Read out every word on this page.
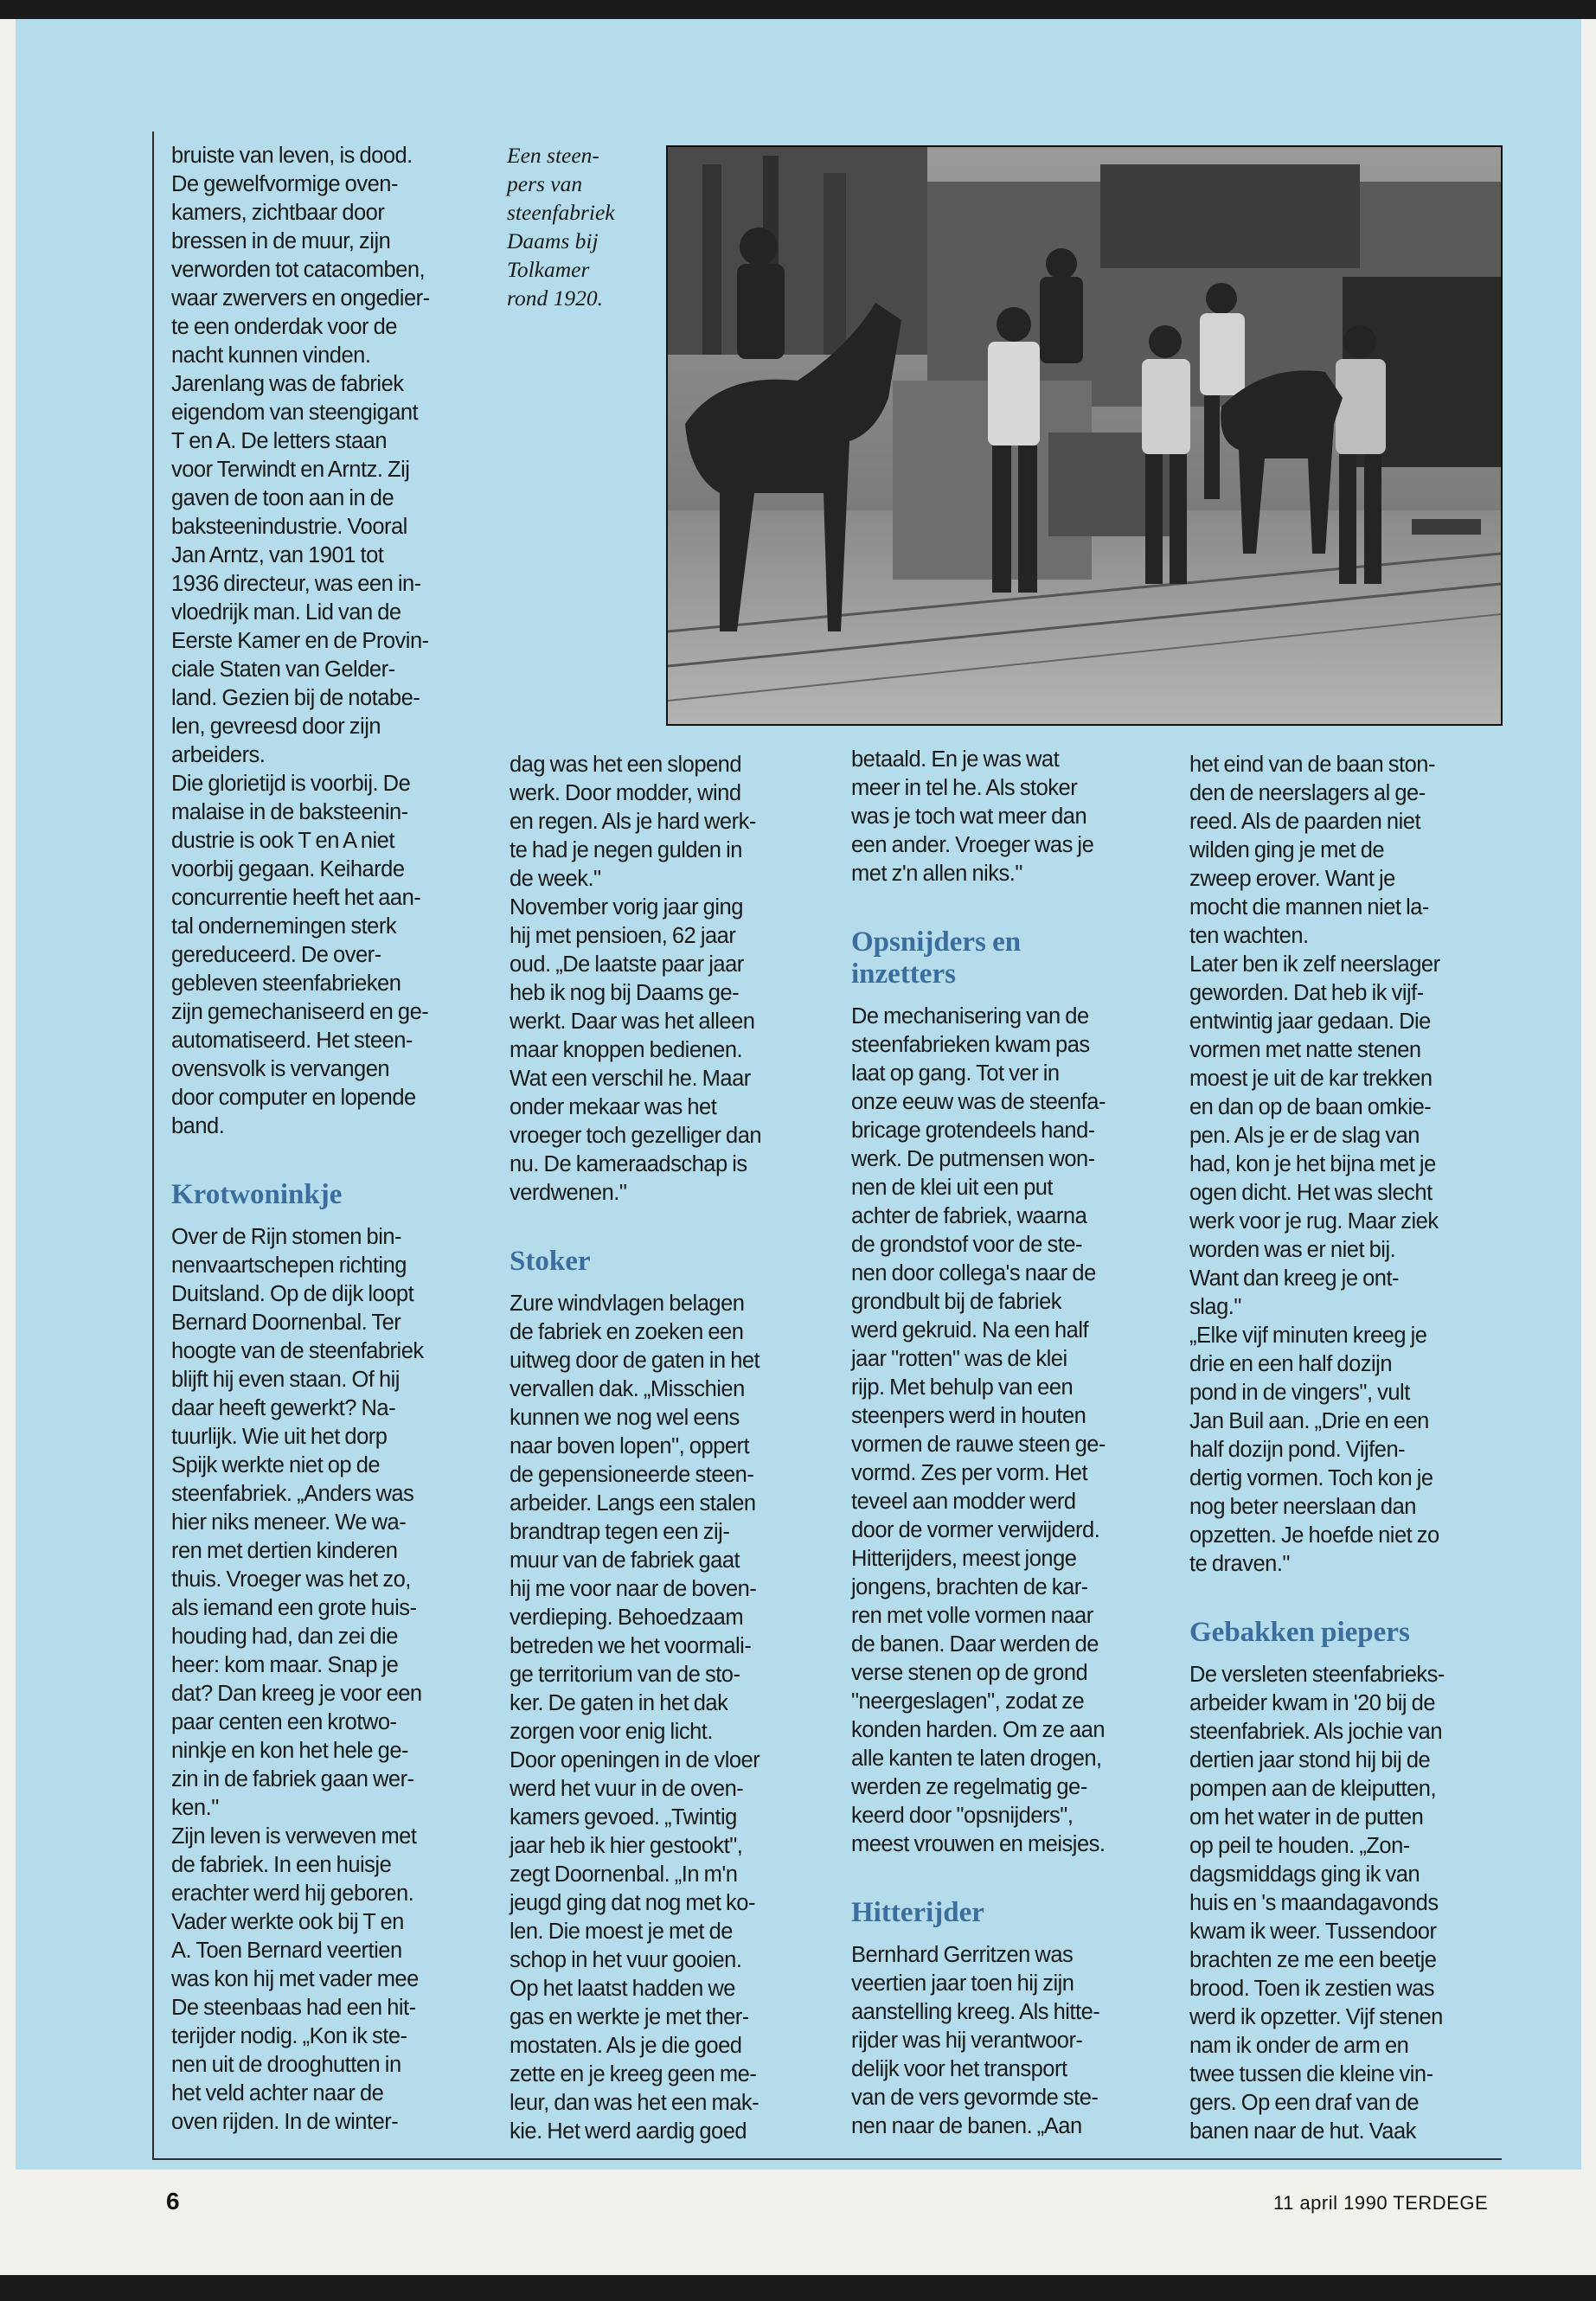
bruiste van leven, is dood.
De gewelfvormige oven-
kamers, zichtbaar door
bressen in de muur, zijn
verworden tot catacomben,
waar zwervers en ongedier-
te een onderdak voor de
nacht kunnen vinden.
Jarenlang was de fabriek
eigendom van steengigant
T en A. De letters staan
voor Terwindt en Arntz. Zij
gaven de toon aan in de
baksteenindustrie. Vooral
Jan Arntz, van 1901 tot
1936 directeur, was een in-
vloedrijk man. Lid van de
Eerste Kamer en de Provin-
ciale Staten van Gelder-
land. Gezien bij de notabe-
len, gevreesd door zijn
arbeiders.
Die glorietijd is voorbij. De
malaise in de baksteenin-
dustrie is ook T en A niet
voorbij gegaan. Keiharde
concurrentie heeft het aan-
tal ondernemingen sterk
gereduceerd. De over-
gebleven steenfabrieken
zijn gemechaniseerd en ge-
automatiseerd. Het steen-
ovensvolk is vervangen
door computer en lopende
band.
Krotwoninkje
Over de Rijn stomen bin-
nenvaartschepen richting
Duitsland. Op de dijk loopt
Bernard Doornenbal. Ter
hoogte van de steenfabriek
blijft hij even staan. Of hij
daar heeft gewerkt? Na-
tuurlijk. Wie uit het dorp
Spijk werkte niet op de
steenfabriek. „Anders was
hier niks meneer. We wa-
ren met dertien kinderen
thuis. Vroeger was het zo,
als iemand een grote huis-
houding had, dan zei die
heer: kom maar. Snap je
dat? Dan kreeg je voor een
paar centen een krotwo-
ninkje en kon het hele ge-
zin in de fabriek gaan wer-
ken."
Zijn leven is verweven met
de fabriek. In een huisje
erachter werd hij geboren.
Vader werkte ook bij T en
A. Toen Bernard veertien
was kon hij met vader mee
De steenbaas had een hit-
terijder nodig. „Kon ik ste-
nen uit de drooghutten in
het veld achter naar de
oven rijden. In de winter-
dag was het een slopend
werk. Door modder, wind
en regen. Als je hard werk-
te had je negen gulden in
de week."
November vorig jaar ging
hij met pensioen, 62 jaar
oud. „De laatste paar jaar
heb ik nog bij Daams ge-
werkt. Daar was het alleen
maar knoppen bedienen.
Wat een verschil he. Maar
onder mekaar was het
vroeger toch gezelliger dan
nu. De kameraadschap is
verdwenen."
Stoker
Zure windvlagen belagen
de fabriek en zoeken een
uitweg door de gaten in het
vervallen dak. „Misschien
kunnen we nog wel eens
naar boven lopen", oppert
de gepensioneerde steen-
arbeider. Langs een stalen
brandtrap tegen een zij-
muur van de fabriek gaat
hij me voor naar de boven-
verdieping. Behoedzaam
betreden we het voormali-
ge territorium van de sto-
ker. De gaten in het dak
zorgen voor enig licht.
Door openingen in de vloer
werd het vuur in de oven-
kamers gevoed. „Twintig
jaar heb ik hier gestookt",
zegt Doornenbal. „In m'n
jeugd ging dat nog met ko-
len. Die moest je met de
schop in het vuur gooien.
Op het laatst hadden we
gas en werkte je met ther-
mostaten. Als je die goed
zette en je kreeg geen me-
leur, dan was het een mak-
kie. Het werd aardig goed
betaald. En je was wat
meer in tel he. Als stoker
was je toch wat meer dan
een ander. Vroeger was je
met z'n allen niks."
Opsnijders en
inzetters
De mechanisering van de
steenfabrieken kwam pas
laat op gang. Tot ver in
onze eeuw was de steenfa-
bricage grotendeels hand-
werk. De putmensen won-
nen de klei uit een put
achter de fabriek, waarna
de grondstof voor de ste-
nen door collega's naar de
grondbult bij de fabriek
werd gekruid. Na een half
jaar "rotten" was de klei
rijp. Met behulp van een
steenpers werd in houten
vormen de rauwe steen ge-
vormd. Zes per vorm. Het
teveel aan modder werd
door de vormer verwijderd.
Hitterijders, meest jonge
jongens, brachten de kar-
ren met volle vormen naar
de banen. Daar werden de
verse stenen op de grond
"neergeslagen", zodat ze
konden harden. Om ze aan
alle kanten te laten drogen,
werden ze regelmatig ge-
keerd door "opsnijders",
meest vrouwen en meisjes.
Hitterijder
Bernhard Gerritzen was
veertien jaar toen hij zijn
aanstelling kreeg. Als hitte-
rijder was hij verantwoor-
delijk voor het transport
van de vers gevormde ste-
nen naar de banen. „Aan
het eind van de baan ston-
den de neerslagers al ge-
reed. Als de paarden niet
wilden ging je met de
zweep erover. Want je
mocht die mannen niet la-
ten wachten.
Later ben ik zelf neerslager
geworden. Dat heb ik vijf-
entwintig jaar gedaan. Die
vormen met natte stenen
moest je uit de kar trekken
en dan op de baan omkie-
pen. Als je er de slag van
had, kon je het bijna met je
ogen dicht. Het was slecht
werk voor je rug. Maar ziek
worden was er niet bij.
Want dan kreeg je ont-
slag."
„Elke vijf minuten kreeg je
drie en een half dozijn
pond in de vingers", vult
Jan Buil aan. „Drie en een
half dozijn pond. Vijfen-
dertig vormen. Toch kon je
nog beter neerslaan dan
opzetten. Je hoefde niet zo
te draven."
Gebakken piepers
De versleten steenfabrieks-
arbeider kwam in '20 bij de
steenfabriek. Als jochie van
dertien jaar stond hij bij de
pompen aan de kleiputten,
om het water in de putten
op peil te houden. „Zon-
dagsmiddags ging ik van
huis en 's maandagavonds
kwam ik weer. Tussendoor
brachten ze me een beetje
brood. Toen ik zestien was
werd ik opzetter. Vijf stenen
nam ik onder de arm en
twee tussen die kleine vin-
gers. Op een draf van de
banen naar de hut. Vaak
Een steen-
pers van
steenfabriek
Daams bij
Tolkamer
rond 1920.
6	11 april 1990 TERDEGE
